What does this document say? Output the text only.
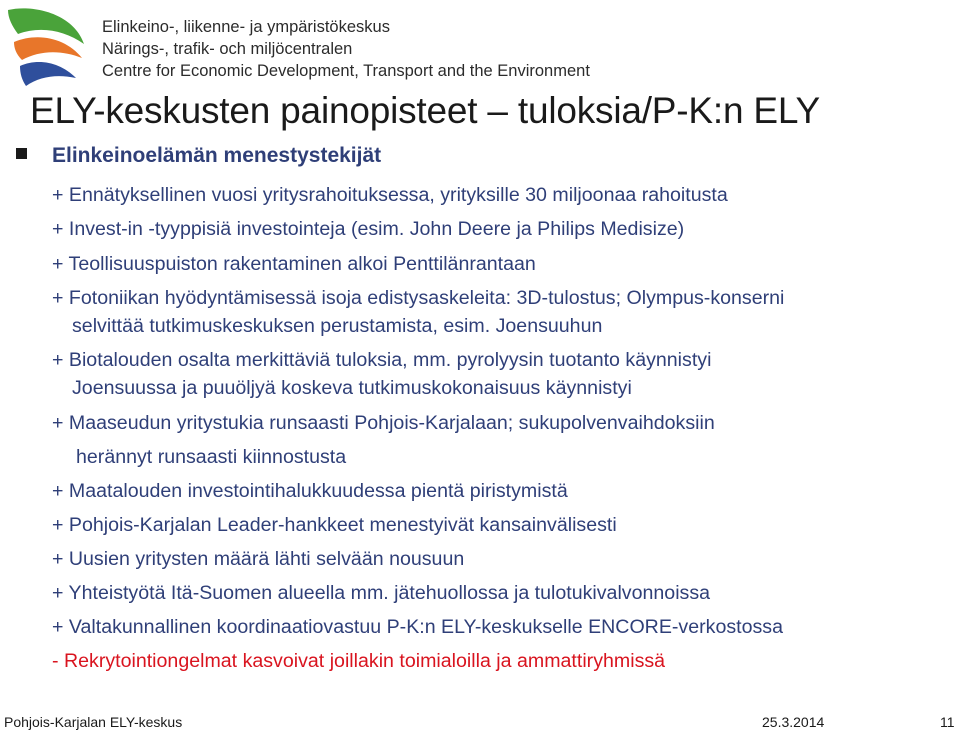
Elinkeino-, liikenne- ja ympäristökeskus
Närings-, trafik- och miljöcentralen
Centre for Economic Development, Transport and the Environment
ELY-keskusten painopisteet – tuloksia/P-K:n ELY
Elinkeinoelämän menestystekijät
+ Ennätyksellinen vuosi yritysrahoituksessa, yrityksille 30 miljoonaa rahoitusta
+ Invest-in -tyyppisiä investointeja (esim. John Deere ja Philips Medisize)
+ Teollisuuspuiston rakentaminen alkoi Penttilänrantaan
+ Fotoniikan hyödyntämisessä isoja edistysaskeleita: 3D-tulostus; Olympus-konserni
selvittää tutkimuskeskuksen perustamista, esim. Joensuuhun
+ Biotalouden osalta merkittäviä tuloksia, mm. pyrolyysin tuotanto käynnistyi
Joensuussa ja puuöljyä koskeva tutkimuskokonaisuus käynnistyi
+ Maaseudun yritystukia runsaasti Pohjois-Karjalaan; sukupolvenvaihdoksiin
herännyt runsaasti kiinnostusta
+ Maatalouden investointihalukkuudessa pientä piristymistä
+ Pohjois-Karjalan Leader-hankkeet menestyivät kansainvälisesti
+ Uusien yritysten määrä lähti selvään nousuun
+ Yhteistyötä Itä-Suomen alueella mm. jätehuollossa ja tulotukivalvonnoissa
+ Valtakunnallinen koordinaatiovastuu P-K:n ELY-keskukselle ENCORE-verkostossa
- Rekrytointiongelmat kasvoivat joillakin toimialoilla ja ammattiryhmissä
Pohjois-Karjalan ELY-keskus	25.3.2014	11
